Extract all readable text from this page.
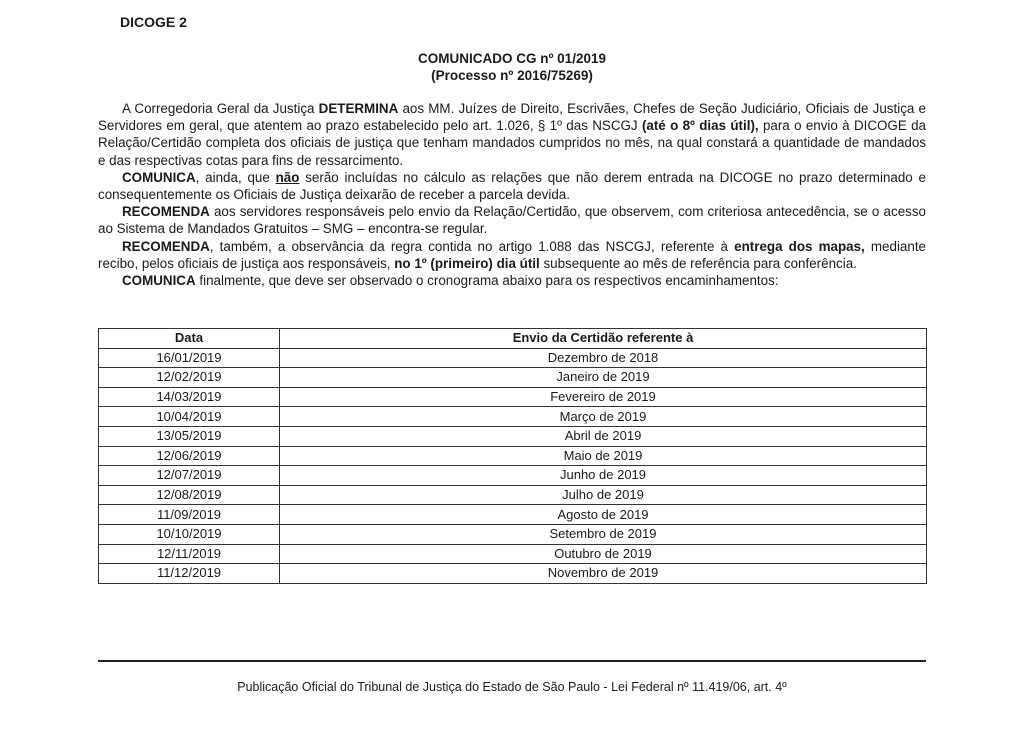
DICOGE 2
COMUNICADO CG nº 01/2019
(Processo nº 2016/75269)

A Corregedoria Geral da Justiça DETERMINA aos MM. Juízes de Direito, Escrivães, Chefes de Seção Judiciário, Oficiais de Justiça e Servidores em geral, que atentem ao prazo estabelecido pelo art. 1.026, § 1º das NSCGJ (até o 8º dias útil), para o envio à DICOGE da Relação/Certidão completa dos oficiais de justiça que tenham mandados cumpridos no mês, na qual constará a quantidade de mandados e das respectivas cotas para fins de ressarcimento.

COMUNICA, ainda, que não serão incluídas no cálculo as relações que não derem entrada na DICOGE no prazo determinado e consequentemente os Oficiais de Justiça deixarão de receber a parcela devida.

RECOMENDA aos servidores responsáveis pelo envio da Relação/Certidão, que observem, com criteriosa antecedência, se o acesso ao Sistema de Mandados Gratuitos – SMG – encontra-se regular.

RECOMENDA, também, a observância da regra contida no artigo 1.088 das NSCGJ, referente à entrega dos mapas, mediante recibo, pelos oficiais de justiça aos responsáveis, no 1º (primeiro) dia útil subsequente ao mês de referência para conferência.

COMUNICA finalmente, que deve ser observado o cronograma abaixo para os respectivos encaminhamentos:

Data	Envio da Certidão referente à
16/01/2019	Dezembro de 2018
12/02/2019	Janeiro de 2019
14/03/2019	Fevereiro de 2019
10/04/2019	Março de 2019
13/05/2019	Abril de 2019
12/06/2019	Maio de 2019
12/07/2019	Junho de 2019
12/08/2019	Julho de 2019
11/09/2019	Agosto de 2019
10/10/2019	Setembro de 2019
12/11/2019	Outubro de 2019
11/12/2019	Novembro de 2019
Publicação Oficial do Tribunal de Justiça do Estado de São Paulo - Lei Federal nº 11.419/06, art. 4º
